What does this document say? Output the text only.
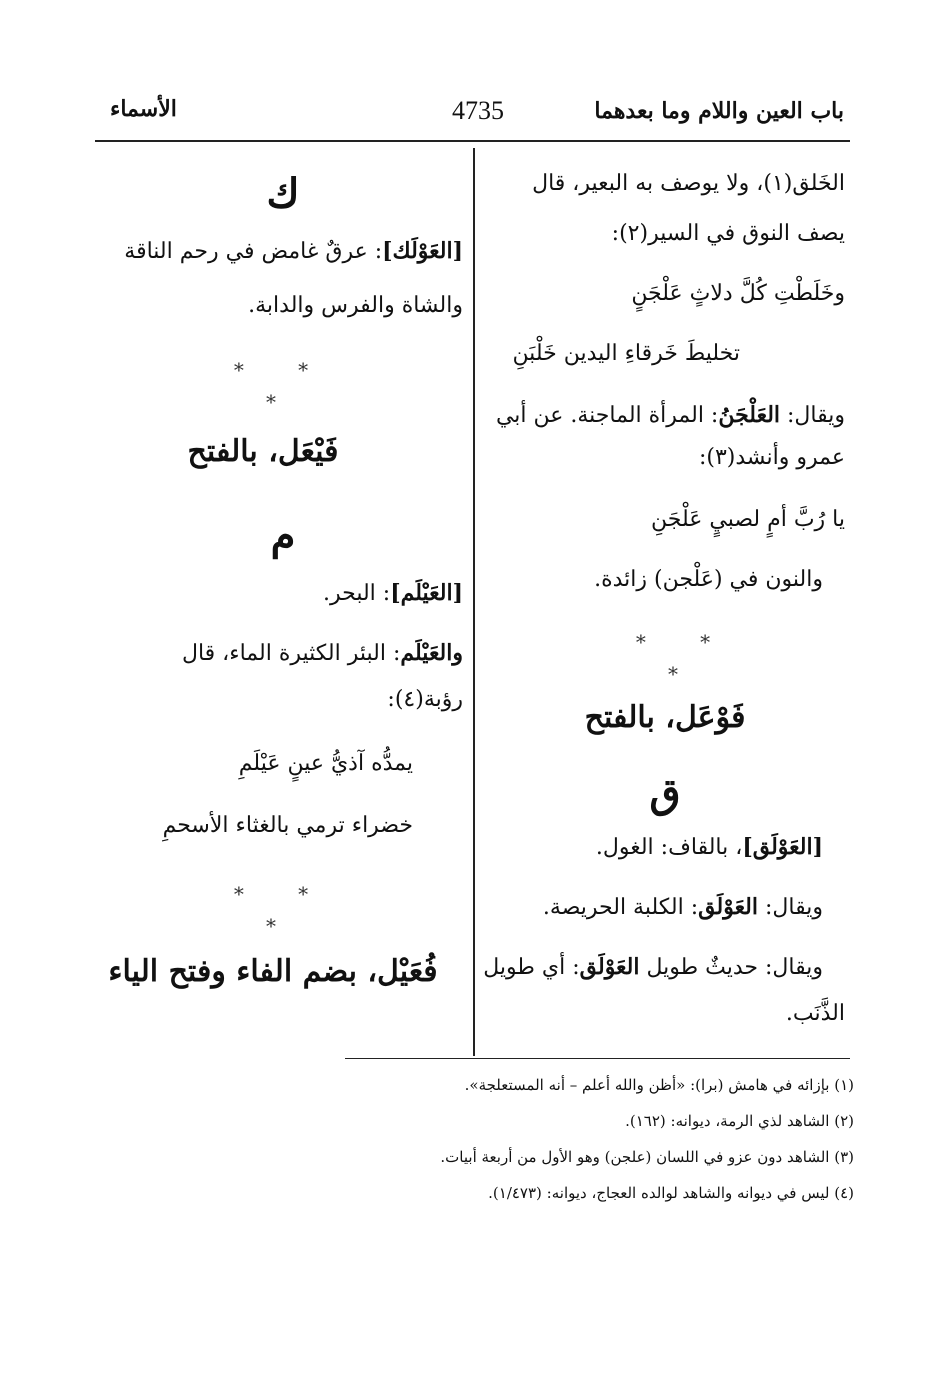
باب العين واللام وما بعدهما
4735
الأسماء
الخَلق(١)، ولا يوصف به البعير، قال
يصف النوق في السير(٢):
وخَلَطْتِ كُلَّ دلاثٍ عَلْجَنٍ
تخليطَ خَرقاءِ اليدين خَلْبَنِ
ويقال: العَلْجَنُ: المرأة الماجنة. عن أبي
عمرو وأنشد(٣):
يا رُبَّ أمٍ لصبيٍ عَلْجَنِ
والنون في (عَلْجن) زائدة.
* * *
فَوْعَل، بالفتح
ق
[العَوْلَق]، بالقاف: الغول.
ويقال: العَوْلَق: الكلبة الحريصة.
ويقال: حديثٌ طويل العَوْلَق: أي طويل
الذَّنَب.
ك
[العَوْلَك]: عرقٌ غامض في رحم الناقة
والشاة والفرس والدابة.
* * *
فَيْعَل، بالفتح
م
[العَيْلَم]: البحر.
والعَيْلَم: البئر الكثيرة الماء، قال
رؤبة(٤):
يمدُّه آذيُّ عينٍ عَيْلَمِ
خضراء ترمي بالغثاء الأسحمِ
* * *
فُعَيْل، بضم الفاء وفتح الياء
(١) بإزائه في هامش (برا): «أظن والله أعلم – أنه المستعلجة».
(٢) الشاهد لذي الرمة، ديوانه: (١٦٢).
(٣) الشاهد دون عزو في اللسان (علجن) وهو الأول من أربعة أبيات.
(٤) ليس في ديوانه والشاهد لوالده العجاج، ديوانه: (١/٤٧٣).
